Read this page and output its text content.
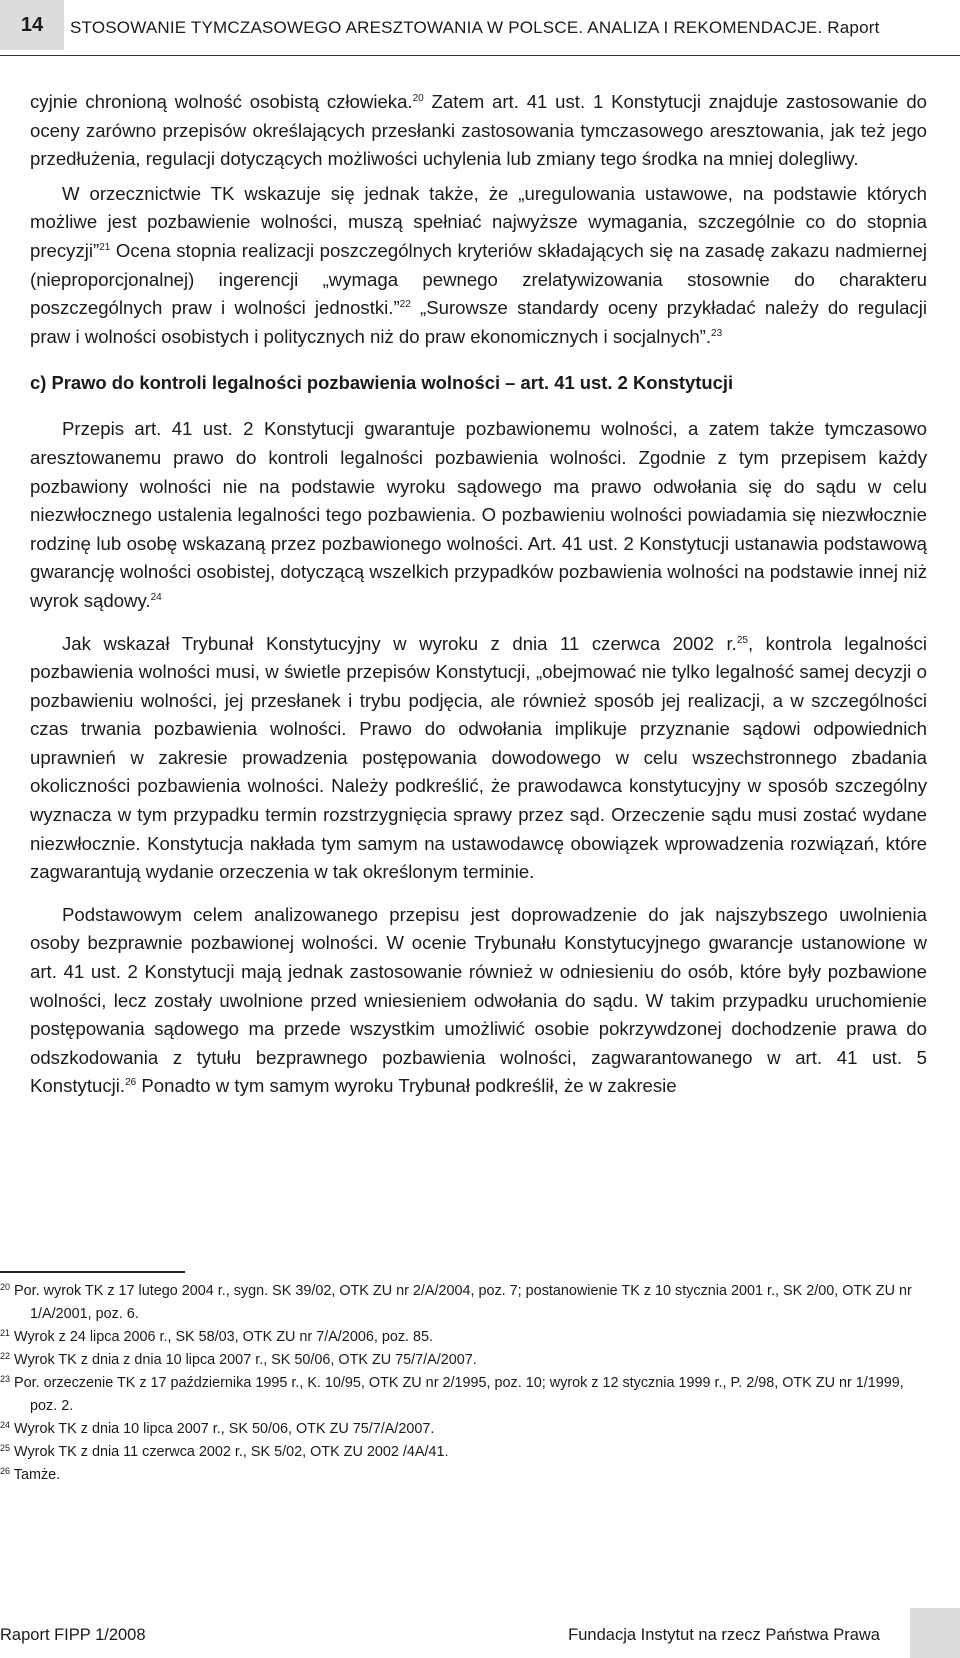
14 STOSOWANIE TYMCZASOWEGO ARESZTOWANIA W POLSCE. ANALIZA I REKOMENDACJE. Raport

cyjnie chronioną wolność osobistą człowieka.$^{20}$ Zatem art. 41 ust. 1 Konstytucji znajduje zastosowanie do oceny zarówno przepisów określających przesłanki zastosowania tymczasowego aresztowania, jak też jego przedłużenia, regulacji dotyczących możliwości uchylenia lub zmiany tego środka na mniej dolegliwy.

W orzecznictwie TK wskazuje się jednak także, że „uregulowania ustawowe, na podstawie których możliwe jest pozbawienie wolności, muszą spełniać najwyższe wymagania, szczególnie co do stopnia precyzji”$^{21}$ Ocena stopnia realizacji poszczególnych kryteriów składających się na zasadę zakazu nadmiernej (nieproporcjonalnej) ingerencji „wymaga pewnego zrelatywizowania stosownie do charakteru poszczególnych praw i wolności jednostki.”$^{22}$ „Surowsze standardy oceny przykładać należy do regulacji praw i wolności osobistych i politycznych niż do praw ekonomicznych i socjalnych”.$^{23}$

c) Prawo do kontroli legalności pozbawienia wolności – art. 41 ust. 2 Konstytucji

Przepis art. 41 ust. 2 Konstytucji gwarantuje pozbawionemu wolności, a zatem także tymczasowo aresztowanemu prawo do kontroli legalności pozbawienia wolności. Zgodnie z tym przepisem każdy pozbawiony wolności nie na podstawie wyroku sądowego ma prawo odwołania się do sądu w celu niezwłocznego ustalenia legalności tego pozbawienia. O pozbawieniu wolności powiadamia się niezwłocznie rodzinę lub osobę wskazaną przez pozbawionego wolności. Art. 41 ust. 2 Konstytucji ustanawia podstawową gwarancję wolności osobistej, dotyczącą wszelkich przypadków pozbawienia wolności na podstawie innej niż wyrok sądowy.$^{24}$

Jak wskazał Trybunał Konstytucyjny w wyroku z dnia 11 czerwca 2002 r.$^{25}$, kontrola legalności pozbawienia wolności musi, w świetle przepisów Konstytucji, „obejmować nie tylko legalność samej decyzji o pozbawieniu wolności, jej przesłanek i trybu podjęcia, ale również sposób jej realizacji, a w szczególności czas trwania pozbawienia wolności. Prawo do odwołania implikuje przyznanie sądowi odpowiednich uprawnień w zakresie prowadzenia postępowania dowodowego w celu wszechstronnego zbadania okoliczności pozbawienia wolności. Należy podkreślić, że prawodawca konstytucyjny w sposób szczególny wyznacza w tym przypadku termin rozstrzygnięcia sprawy przez sąd. Orzeczenie sądu musi zostać wydane niezwłocznie. Konstytucja nakłada tym samym na ustawodawcę obowiązek wprowadzenia rozwiązań, które zagwarantują wydanie orzeczenia w tak określonym terminie.

Podstawowym celem analizowanego przepisu jest doprowadzenie do jak najszybszego uwolnienia osoby bezprawnie pozbawionej wolności. W ocenie Trybunału Konstytucyjnego gwarancje ustanowione w art. 41 ust. 2 Konstytucji mają jednak zastosowanie również w odniesieniu do osób, które były pozbawione wolności, lecz zostały uwolnione przed wniesieniem odwołania do sądu. W takim przypadku uruchomienie postępowania sądowego ma przede wszystkim umożliwić osobie pokrzywdzonej dochodzenie prawa do odszkodowania z tytułu bezprawnego pozbawienia wolności, zagwarantowanego w art. 41 ust. 5 Konstytucji.$^{26}$ Ponadto w tym samym wyroku Trybunał podkreślił, że w zakresie

$^{20}$ Por. wyrok TK z 17 lutego 2004 r., sygn. SK 39/02, OTK ZU nr 2/A/2004, poz. 7; postanowienie TK z 10 stycznia 2001 r., SK 2/00, OTK ZU nr 1/A/2001, poz. 6.

$^{21}$ Wyrok z 24 lipca 2006 r., SK 58/03, OTK ZU nr 7/A/2006, poz. 85.

$^{22}$ Wyrok TK z dnia z dnia 10 lipca 2007 r., SK 50/06, OTK ZU 75/7/A/2007.

$^{23}$ Por. orzeczenie TK z 17 października 1995 r., K. 10/95, OTK ZU nr 2/1995, poz. 10; wyrok z 12 stycznia 1999 r., P. 2/98, OTK ZU nr 1/1999, poz. 2.

$^{24}$ Wyrok TK z dnia 10 lipca 2007 r., SK 50/06, OTK ZU 75/7/A/2007.

$^{25}$ Wyrok TK z dnia 11 czerwca 2002 r., SK 5/02, OTK ZU 2002 /4A/41.

$^{26}$ Tamże.

Raport FIPP 1/2008	Fundacja Instytut na rzecz Państwa Prawa
